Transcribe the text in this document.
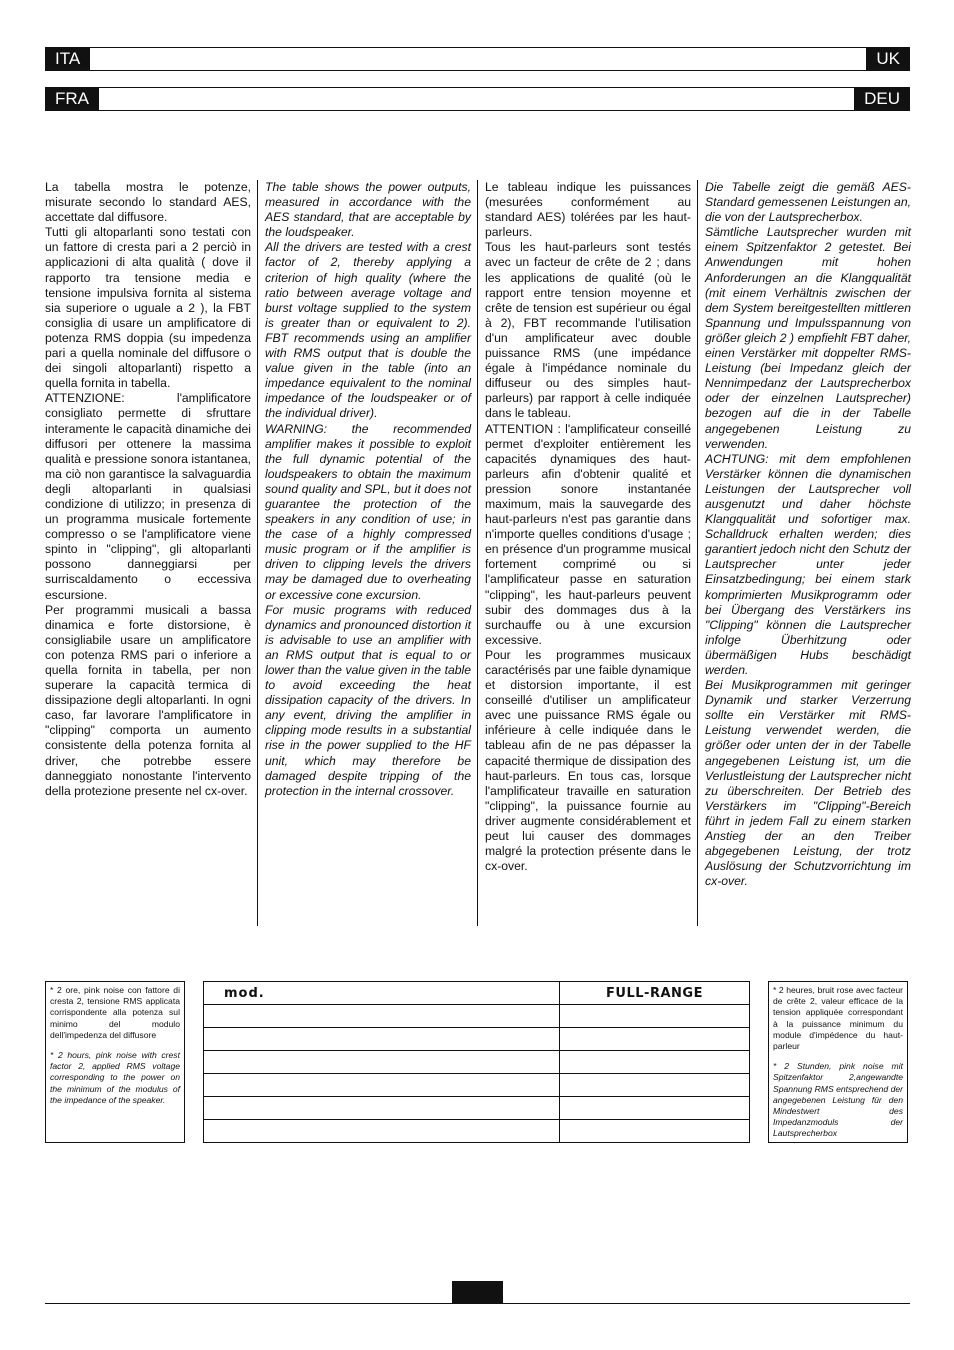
ITA	UK
FRA	DEU

La tabella mostra le potenze, misurate secondo lo standard AES, accettate dal diffusore.

Tutti gli altoparlanti sono testati con un fattore di cresta pari a 2 perciò in applicazioni di alta qualità ( dove il rapporto tra tensione media e tensione impulsiva fornita al sistema sia superiore o uguale a 2 ), la FBT consiglia di usare un amplificatore di potenza RMS doppia (su impedenza pari a quella nominale del diffusore o dei singoli altoparlanti) rispetto a quella fornita in tabella.

ATTENZIONE: l'amplificatore consigliato permette di sfruttare interamente le capacità dinamiche dei diffusori per ottenere la massima qualità e pressione sonora istantanea, ma ciò non garantisce la salvaguardia degli altoparlanti in qualsiasi condizione di utilizzo; in presenza di un programma musicale fortemente compresso o se l'amplificatore viene spinto in "clipping", gli altoparlanti possono danneggiarsi per surriscaldamento o eccessiva escursione.

Per programmi musicali a bassa dinamica e forte distorsione, è consigliabile usare un amplificatore con potenza RMS pari o inferiore a quella fornita in tabella, per non superare la capacità termica di dissipazione degli altoparlanti. In ogni caso, far lavorare l'amplificatore in "clipping" comporta un aumento consistente della potenza fornita al driver, che potrebbe essere danneggiato nonostante l'intervento della protezione presente nel cx-over.

The table shows the power outputs, measured in accordance with the AES standard, that are acceptable by the loudspeaker.

All the drivers are tested with a crest factor of 2, thereby applying a criterion of high quality (where the ratio between average voltage and burst voltage supplied to the system is greater than or equivalent to 2). FBT recommends using an amplifier with RMS output that is double the value given in the table (into an impedance equivalent to the nominal impedance of the loudspeaker or of the individual driver).

WARNING: the recommended amplifier makes it possible to exploit the full dynamic potential of the loudspeakers to obtain the maximum sound quality and SPL, but it does not guarantee the protection of the speakers in any condition of use; in the case of a highly compressed music program or if the amplifier is driven to clipping levels the drivers may be damaged due to overheating or excessive cone excursion.

For music programs with reduced dynamics and pronounced distortion it is advisable to use an amplifier with an RMS output that is equal to or lower than the value given in the table to avoid exceeding the heat dissipation capacity of the drivers. In any event, driving the amplifier in clipping mode results in a substantial rise in the power supplied to the HF unit, which may therefore be damaged despite tripping of the protection in the internal crossover.

Le tableau indique les puissances (mesurées conformément au standard AES) tolérées par les haut-parleurs.

Tous les haut-parleurs sont testés avec un facteur de crête de 2 ; dans les applications de qualité (où le rapport entre tension moyenne et crête de tension est supérieur ou égal à 2), FBT recommande l'utilisation d'un amplificateur avec double puissance RMS (une impédance égale à l'impédance nominale du diffuseur ou des simples haut-parleurs) par rapport à celle indiquée dans le tableau.

ATTENTION : l'amplificateur conseillé permet d'exploiter entièrement les capacités dynamiques des haut-parleurs afin d'obtenir qualité et pression sonore instantanée maximum, mais la sauvegarde des haut-parleurs n'est pas garantie dans n'importe quelles conditions d'usage ; en présence d'un programme musical fortement comprimé ou si l'amplificateur passe en saturation "clipping", les haut-parleurs peuvent subir des dommages dus à la surchauffe ou à une excursion excessive.

Pour les programmes musicaux caractérisés par une faible dynamique et distorsion importante, il est conseillé d'utiliser un amplificateur avec une puissance RMS égale ou inférieure à celle indiquée dans le tableau afin de ne pas dépasser la capacité thermique de dissipation des haut-parleurs. En tous cas, lorsque l'amplificateur travaille en saturation "clipping", la puissance fournie au driver augmente considérablement et peut lui causer des dommages malgré la protection présente dans le cx-over.

Die Tabelle zeigt die gemäß AES-Standard gemessenen Leistungen an, die von der Lautsprecherbox.

Sämtliche Lautsprecher wurden mit einem Spitzenfaktor 2 getestet. Bei Anwendungen mit hohen Anforderungen an die Klangqualität (mit einem Verhältnis zwischen der dem System bereitgestellten mittleren Spannung und Impulsspannung von größer gleich 2 ) empfiehlt FBT daher, einen Verstärker mit doppelter RMS-Leistung (bei Impedanz gleich der Nennimpedanz der Lautsprecherbox oder der einzelnen Lautsprecher) bezogen auf die in der Tabelle angegebenen Leistung zu verwenden.

ACHTUNG: mit dem empfohlenen Verstärker können die dynamischen Leistungen der Lautsprecher voll ausgenutzt und daher höchste Klangqualität und sofortiger max. Schalldruck erhalten werden; dies garantiert jedoch nicht den Schutz der Lautsprecher unter jeder Einsatzbedingung; bei einem stark komprimierten Musikprogramm oder bei Übergang des Verstärkers ins "Clipping" können die Lautsprecher infolge Überhitzung oder übermäßigen Hubs beschädigt werden.

Bei Musikprogrammen mit geringer Dynamik und starker Verzerrung sollte ein Verstärker mit RMS-Leistung verwendet werden, die größer oder unten der in der Tabelle angegebenen Leistung ist, um die Verlustleistung der Lautsprecher nicht zu überschreiten. Der Betrieb des Verstärkers im "Clipping"-Bereich führt in jedem Fall zu einem starken Anstieg der an den Treiber abgegebenen Leistung, der trotz Auslösung der Schutzvorrichtung im cx-over.

* 2 ore, pink noise con fattore di cresta 2, tensione RMS applicata corrispondente alla potenza sul minimo del modulo dell'impedenza del diffusore

* 2 hours, pink noise with crest factor 2, applied RMS voltage corresponding to the power on the minimum of the modulus of the impedance of the speaker.

* 2 heures, bruit rose avec facteur de crête 2, valeur efficace de la tension appliquée correspondant à la puissance minimum du module d'impédence du haut-parleur

* 2 Stunden, pink noise mit Spitzenfaktor 2,angewandte Spannung RMS entsprechend der angegebenen Leistung für den Mindestwert des Impedanzmoduls der Lautsprecherbox

mod.	FULL-RANGE
